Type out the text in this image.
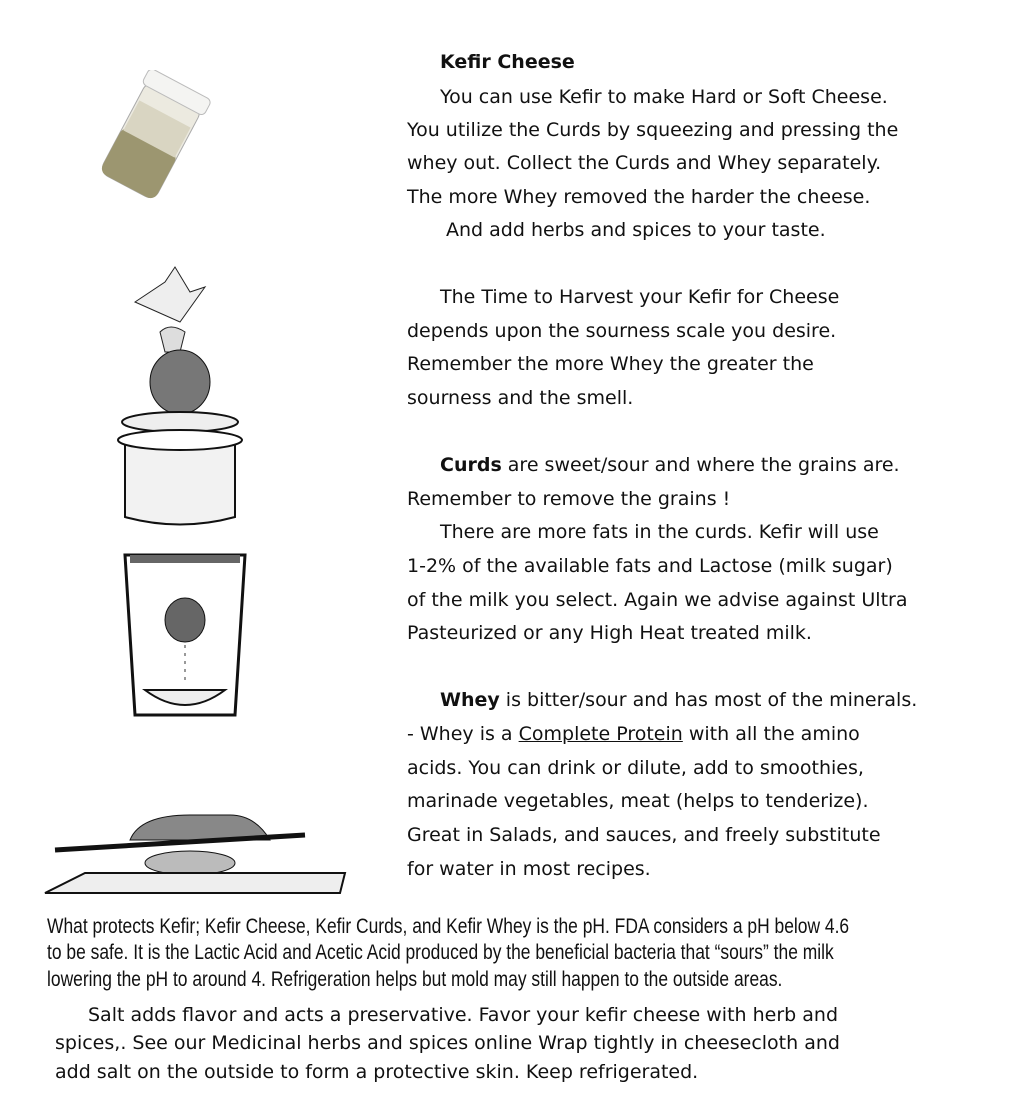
Kefir Cheese
You can use Kefir to make Hard or Soft Cheese.
You utilize the Curds by squeezing and pressing the
whey out. Collect the Curds and Whey separately.
The more Whey removed the harder the cheese.
And add herbs and spices to your taste.
The Time to Harvest your Kefir for Cheese
depends upon the sourness scale you desire.
Remember the more Whey the greater the
sourness and the smell.
Curds are sweet/sour and where the grains are.
Remember to remove the grains !
There are more fats in the curds. Kefir will use
1-2% of the available fats and Lactose (milk sugar)
of the milk you select. Again we advise against Ultra
Pasteurized or any High Heat treated milk.
Whey is bitter/sour and has most of the minerals.
- Whey is a Complete Protein with all the amino
acids. You can drink or dilute, add to smoothies,
marinade vegetables, meat (helps to tenderize).
Great in Salads, and sauces, and freely substitute
for water in most recipes.
What protects Kefir; Kefir Cheese, Kefir Curds, and Kefir Whey is the pH. FDA considers a pH below 4.6
to be safe. It is the Lactic Acid and Acetic Acid produced by the beneficial bacteria that “sours” the milk
lowering the pH to around 4. Refrigeration helps but mold may still happen to the outside areas.
Salt adds flavor and acts a preservative. Favor your kefir cheese with herb and
spices,. See our Medicinal herbs and spices online Wrap tightly in cheesecloth and
add salt on the outside to form a protective skin. Keep refrigerated.
